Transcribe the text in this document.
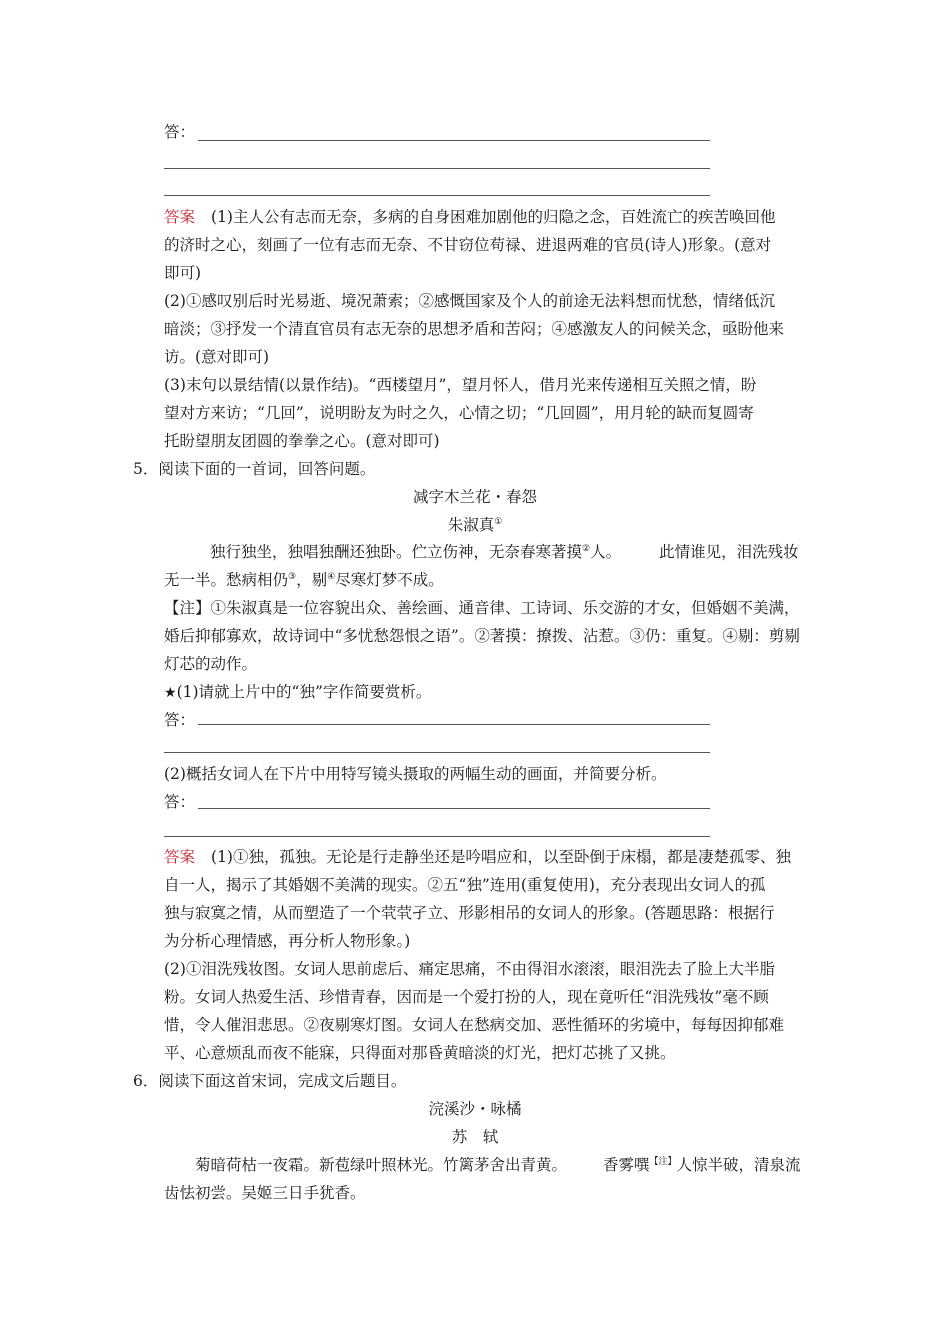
答：
答案 (1)主人公有志而无奈，多病的自身困难加剧他的归隐之念，百姓流亡的疾苦唤回他
的济时之心，刻画了一位有志而无奈、不甘窃位苟禄、进退两难的官员(诗人)形象。(意对
即可)
(2)①感叹别后时光易逝、境况萧索；②感慨国家及个人的前途无法料想而忧愁，情绪低沉
暗淡；③抒发一个清直官员有志无奈的思想矛盾和苦闷；④感激友人的问候关念，亟盼他来
访。(意对即可)
(3)末句以景结情(以景作结)。“西楼望月”，望月怀人，借月光来传递相互关照之情，盼
望对方来访；“几回”，说明盼友为时之久，心情之切；“几回圆”，用月轮的缺而复圆寄
托盼望朋友团圆的拳拳之心。(意对即可)
5．阅读下面的一首词，回答问题。
减字木兰花・春怨
朱淑真①
独行独坐，独唱独酬还独卧。伫立伤神，无奈春寒著摸②人。 此情谁见，泪洗残妆
无一半。愁病相仍③，剔④尽寒灯梦不成。
【注】①朱淑真是一位容貌出众、善绘画、通音律、工诗词、乐交游的才女，但婚姻不美满，
婚后抑郁寡欢，故诗词中“多忧愁怨恨之语”。②著摸：撩拨、沾惹。③仍：重复。④剔：剪剔
灯芯的动作。
★(1)请就上片中的“独”字作简要赏析。
答：
(2)概括女词人在下片中用特写镜头摄取的两幅生动的画面，并简要分析。
答：
答案 (1)①独，孤独。无论是行走静坐还是吟唱应和，以至卧倒于床榻，都是凄楚孤零、独
自一人，揭示了其婚姻不美满的现实。②五“独”连用(重复使用)，充分表现出女词人的孤
独与寂寞之情，从而塑造了一个茕茕孑立、形影相吊的女词人的形象。(答题思路：根据行
为分析心理情感，再分析人物形象。)
(2)①泪洗残妆图。女词人思前虑后、痛定思痛，不由得泪水滚滚，眼泪洗去了脸上大半脂
粉。女词人热爱生活、珍惜青春，因而是一个爱打扮的人，现在竟听任“泪洗残妆”毫不顾
惜，令人催泪悲思。②夜剔寒灯图。女词人在愁病交加、恶性循环的劣境中，每每因抑郁难
平、心意烦乱而夜不能寐，只得面对那昏黄暗淡的灯光，把灯芯挑了又挑。
6．阅读下面这首宋词，完成文后题目。
浣溪沙・咏橘
苏　轼
菊暗荷枯一夜霜。新苞绿叶照林光。竹篱茅舍出青黄。 香雾噀$^{【注】}$人惊半破，清泉流
齿怯初尝。吴姬三日手犹香。
